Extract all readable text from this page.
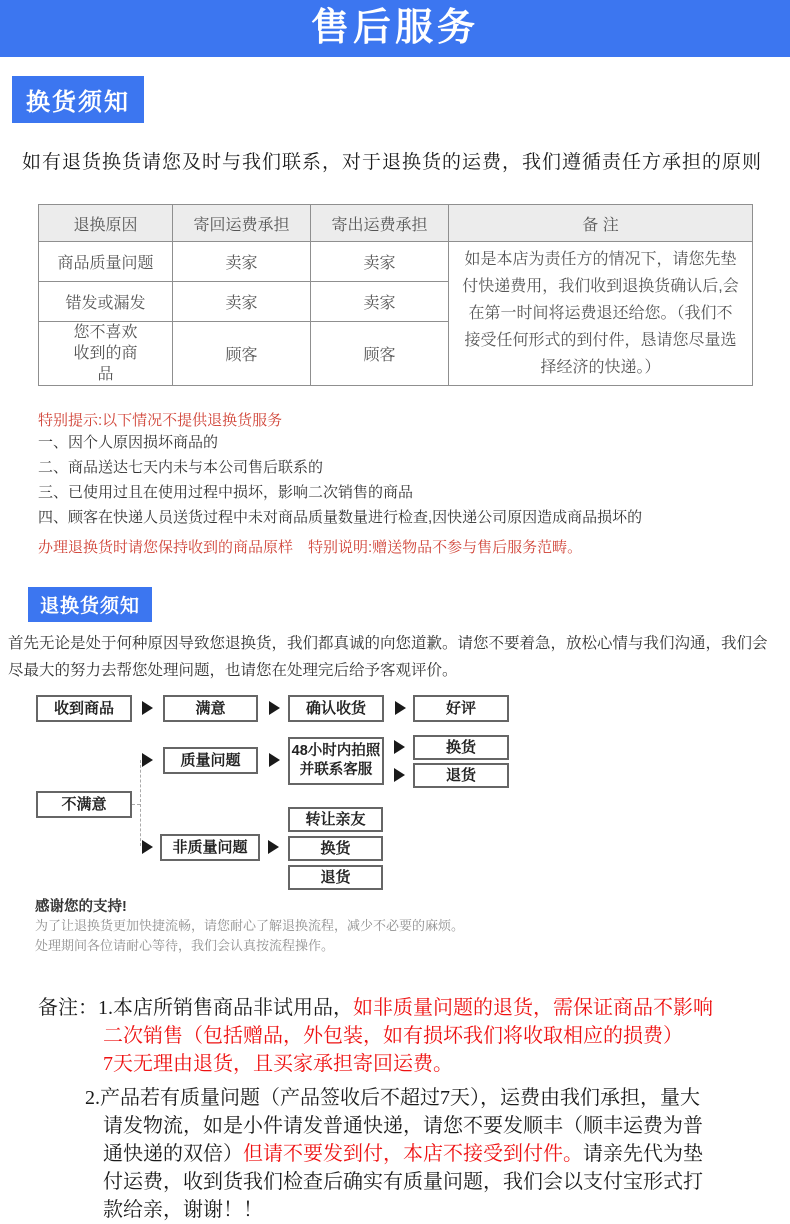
售后服务
换货须知
如有退货换货请您及时与我们联系，对于退换货的运费，我们遵循责任方承担的原则
退换原因	寄回运费承担	寄出运费承担	备 注
商品质量问题	卖家	卖家	如是本店为责任方的情况下，请您先垫付快递费用，我们收到退换货确认后,会在第一时间将运费退还给您。（我们不接受任何形式的到付件，恳请您尽量选择经济的快递。）
错发或漏发	卖家	卖家	
您不喜欢收到的商品	顾客	顾客	
特别提示:以下情况不提供退换货服务
一、因个人原因损坏商品的
二、商品送达七天内未与本公司售后联系的
三、已使用过且在使用过程中损坏，影响二次销售的商品
四、顾客在快递人员送货过程中未对商品质量数量进行检查,因快递公司原因造成商品损坏的
办理退换货时请您保持收到的商品原样　特别说明:赠送物品不参与售后服务范畴。
退换货须知
首先无论是处于何种原因导致您退换货，我们都真诚的向您道歉。请您不要着急，放松心情与我们沟通，我们会尽最大的努力去帮您处理问题，也请您在处理完后给予客观评价。
收到商品	满意	确认收货	好评
质量问题
48小时内拍照
并联系客服
换货
退货
不满意
非质量问题
转让亲友
换货
退货
感谢您的支持!
为了让退换货更加快捷流畅，请您耐心了解退换流程，减少不必要的麻烦。
处理期间各位请耐心等待，我们会认真按流程操作。
备注：1.本店所销售商品非试用品，如非质量问题的退货，需保证商品不影响
二次销售（包括赠品，外包装，如有损坏我们将收取相应的损费）
7天无理由退货，且买家承担寄回运费。
2.产品若有质量问题（产品签收后不超过7天），运费由我们承担，量大
请发物流，如是小件请发普通快递，请您不要发顺丰（顺丰运费为普
通快递的双倍）但请不要发到付，本店不接受到付件。请亲先代为垫
付运费，收到货我们检查后确实有质量问题，我们会以支付宝形式打
款给亲，谢谢！！
